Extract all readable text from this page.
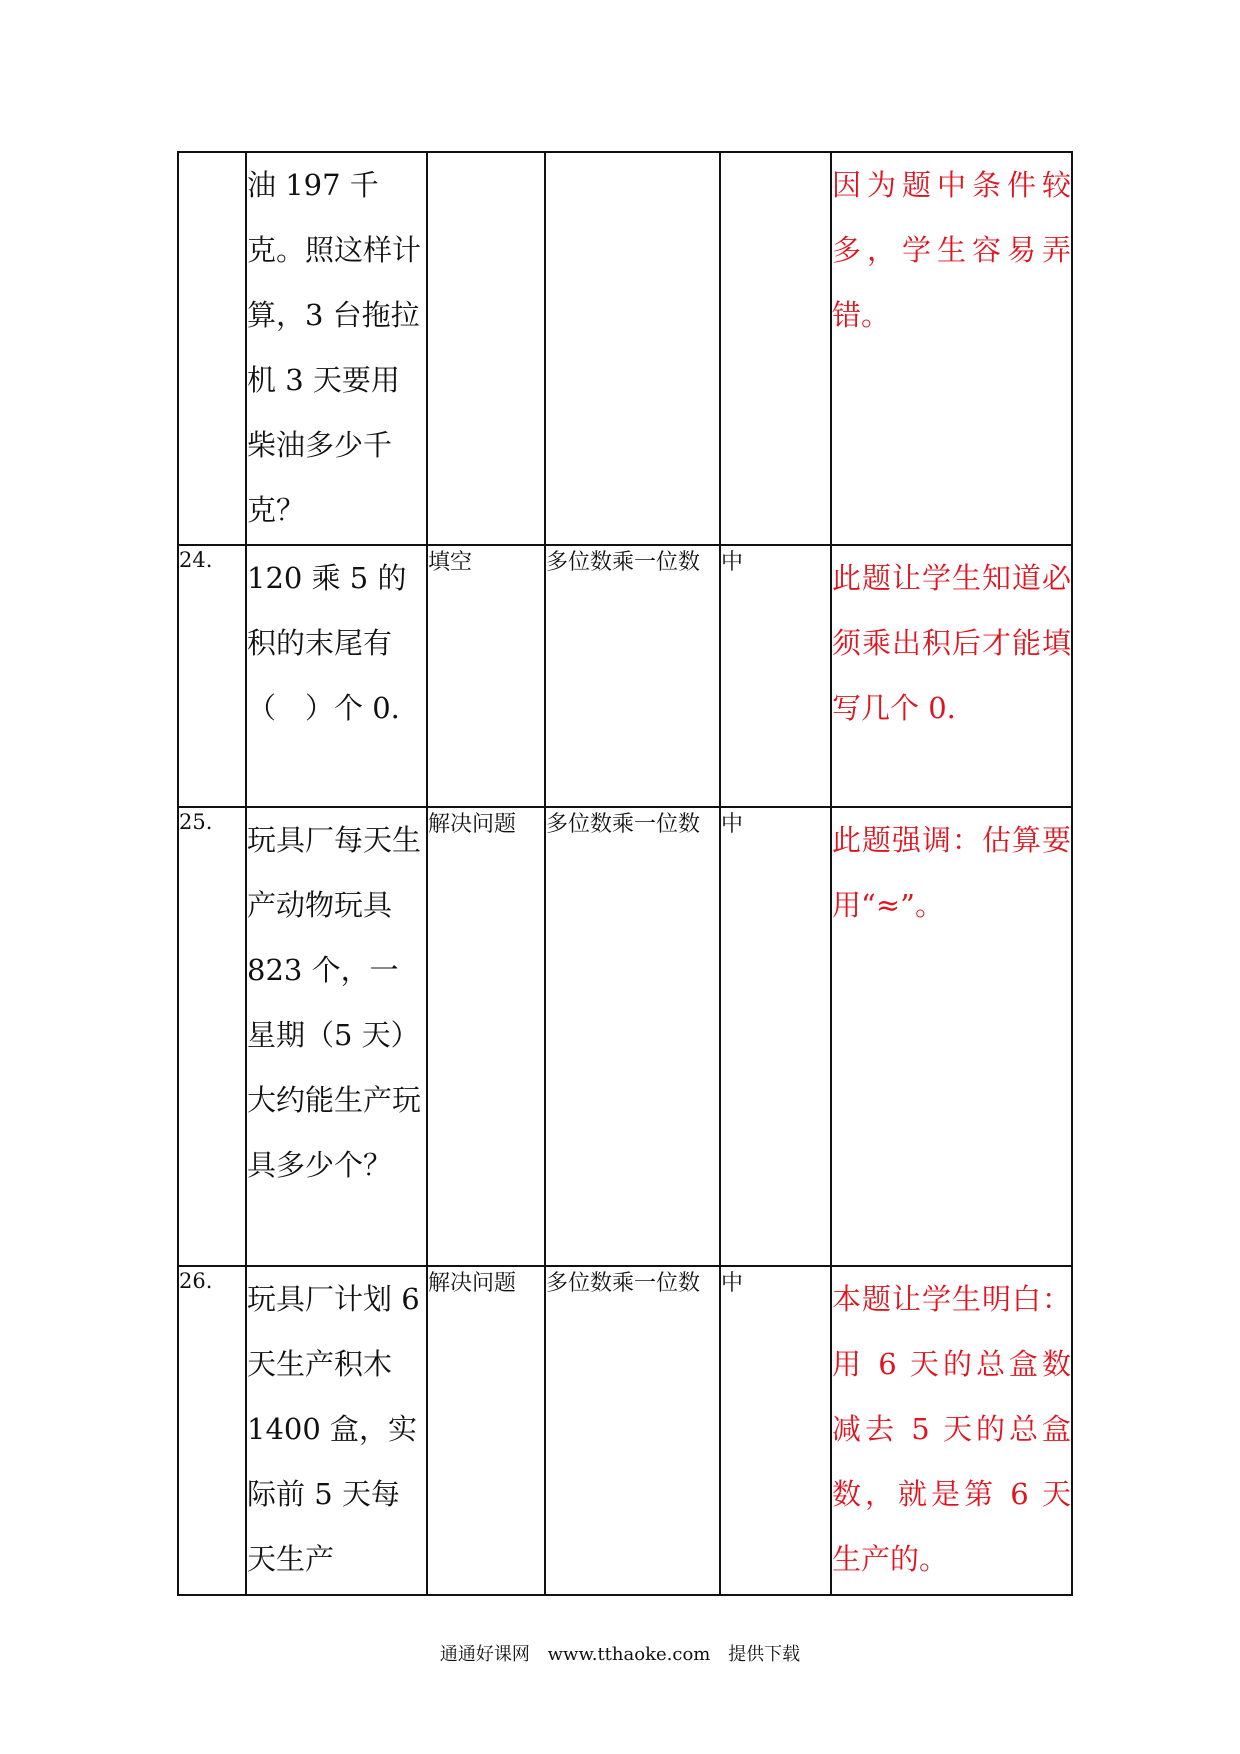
	油 197 千克。照这样计算，3 台拖拉机 3 天要用柴油多少千克？				因为题中条件较多，学生容易弄错。
24.	120 乘 5 的积的末尾有（　）个 0.	填空	多位数乘一位数	中	此题让学生知道必须乘出积后才能填写几个 0.
25.	玩具厂每天生产动物玩具 823 个，一星期（5 天）大约能生产玩具多少个？	解决问题	多位数乘一位数	中	此题强调：估算要用“≈”。
26.	玩具厂计划 6 天生产积木 1400 盒，实际前 5 天每天生产	解决问题	多位数乘一位数	中	本题让学生明白：用 6 天的总盒数减去 5 天的总盒数，就是第 6 天生产的。
通通好课网 www.tthaoke.com 提供下载
